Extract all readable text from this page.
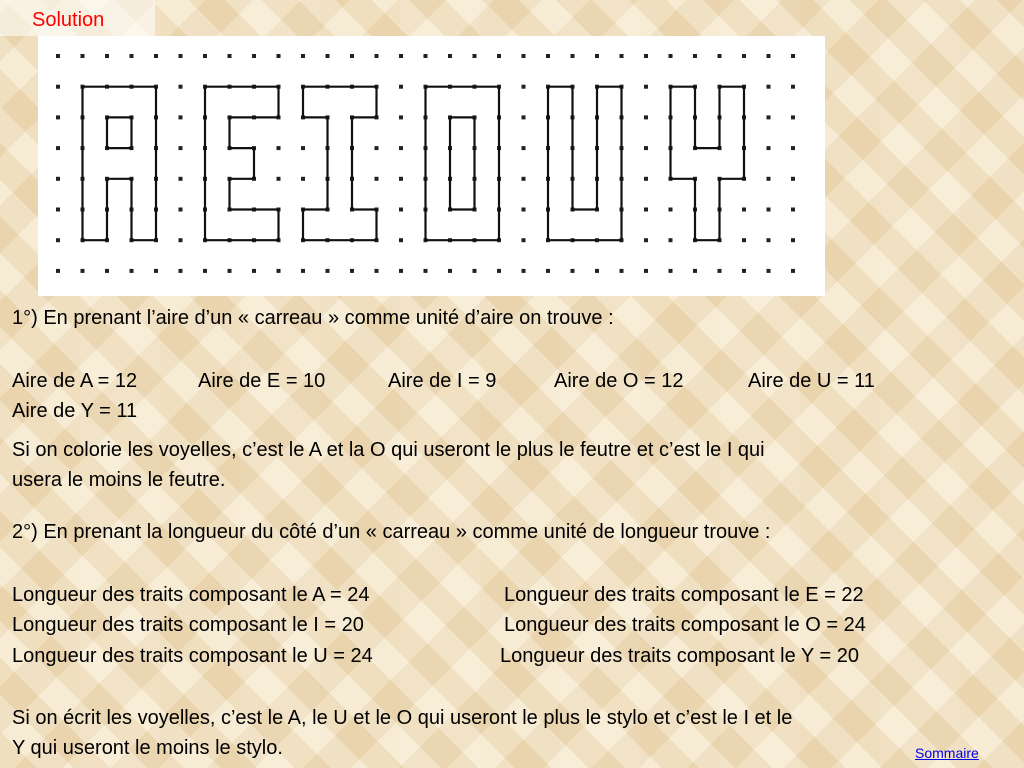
Solution
1°) En prenant l’aire d’un « carreau » comme unité d’aire on trouve :
Aire de A = 12	Aire de E = 10	Aire de I = 9	Aire de O = 12	Aire de U = 11
Aire de Y = 11
Si on colorie les voyelles, c’est le A et la O qui useront le plus le feutre et c’est le I qui
usera le moins le feutre.
2°) En prenant la longueur du côté d’un « carreau » comme unité de longueur trouve :
Longueur des traits composant le A = 24	Longueur des traits composant le E = 22
Longueur des traits composant le I = 20	Longueur des traits composant le O = 24
Longueur des traits composant le U = 24	Longueur des traits composant le Y = 20
Si on écrit les voyelles, c’est le A, le U et le O qui useront le plus le stylo et c’est le I et le
Y qui useront le moins le stylo.	Sommaire
